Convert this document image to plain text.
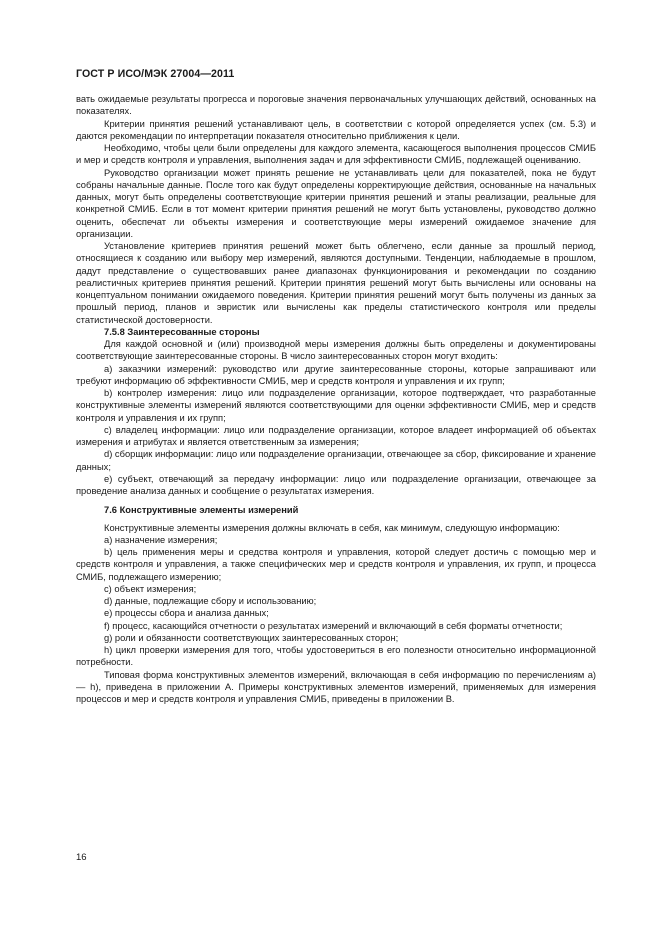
ГОСТ Р ИСО/МЭК 27004—2011

вать ожидаемые результаты прогресса и пороговые значения первоначальных улучшающих действий, основанных на показателях.

Критерии принятия решений устанавливают цель, в соответствии с которой определяется успех (см. 5.3) и даются рекомендации по интерпретации показателя относительно приближения к цели.

Необходимо, чтобы цели были определены для каждого элемента, касающегося выполнения процессов СМИБ и мер и средств контроля и управления, выполнения задач и для эффективности СМИБ, подлежащей оцениванию.

Руководство организации может принять решение не устанавливать цели для показателей, пока не будут собраны начальные данные. После того как будут определены корректирующие действия, основанные на начальных данных, могут быть определены соответствующие критерии принятия решений и этапы реализации, реальные для конкретной СМИБ. Если в тот момент критерии принятия решений не могут быть установлены, руководство должно оценить, обеспечат ли объекты измерения и соответствующие меры измерений ожидаемое значение для организации.

Установление критериев принятия решений может быть облегчено, если данные за прошлый период, относящиеся к созданию или выбору мер измерений, являются доступными. Тенденции, наблюдаемые в прошлом, дадут представление о существовавших ранее диапазонах функционирования и рекомендации по созданию реалистичных критериев принятия решений. Критерии принятия решений могут быть вычислены или основаны на концептуальном понимании ожидаемого поведения. Критерии принятия решений могут быть получены из данных за прошлый период, планов и эвристик или вычислены как пределы статистического контроля или пределы статистической достоверности.

7.5.8 Заинтересованные стороны

Для каждой основной и (или) производной меры измерения должны быть определены и документированы соответствующие заинтересованные стороны. В число заинтересованных сторон могут входить:

а) заказчики измерений: руководство или другие заинтересованные стороны, которые запрашивают или требуют информацию об эффективности СМИБ, мер и средств контроля и управления и их групп;

b) контролер измерения: лицо или подразделение организации, которое подтверждает, что разработанные конструктивные элементы измерений являются соответствующими для оценки эффективности СМИБ, мер и средств контроля и управления и их групп;

c) владелец информации: лицо или подразделение организации, которое владеет информацией об объектах измерения и атрибутах и является ответственным за измерения;

d) сборщик информации: лицо или подразделение организации, отвечающее за сбор, фиксирование и хранение данных;

e) субъект, отвечающий за передачу информации: лицо или подразделение организации, отвечающее за проведение анализа данных и сообщение о результатах измерения.

7.6 Конструктивные элементы измерений

Конструктивные элементы измерения должны включать в себя, как минимум, следующую информацию:

а) назначение измерения;

b) цель применения меры и средства контроля и управления, которой следует достичь с помощью мер и средств контроля и управления, а также специфических мер и средств контроля и управления, их групп, и процесса СМИБ, подлежащего измерению;

c) объект измерения;

d) данные, подлежащие сбору и использованию;

e) процессы сбора и анализа данных;

f) процесс, касающийся отчетности о результатах измерений и включающий в себя форматы отчетности;

g) роли и обязанности соответствующих заинтересованных сторон;

h) цикл проверки измерения для того, чтобы удостовериться в его полезности относительно информационной потребности.

Типовая форма конструктивных элементов измерений, включающая в себя информацию по перечислениям а) — h), приведена в приложении А. Примеры конструктивных элементов измерений, применяемых для измерения процессов и мер и средств контроля и управления СМИБ, приведены в приложении В.

16
